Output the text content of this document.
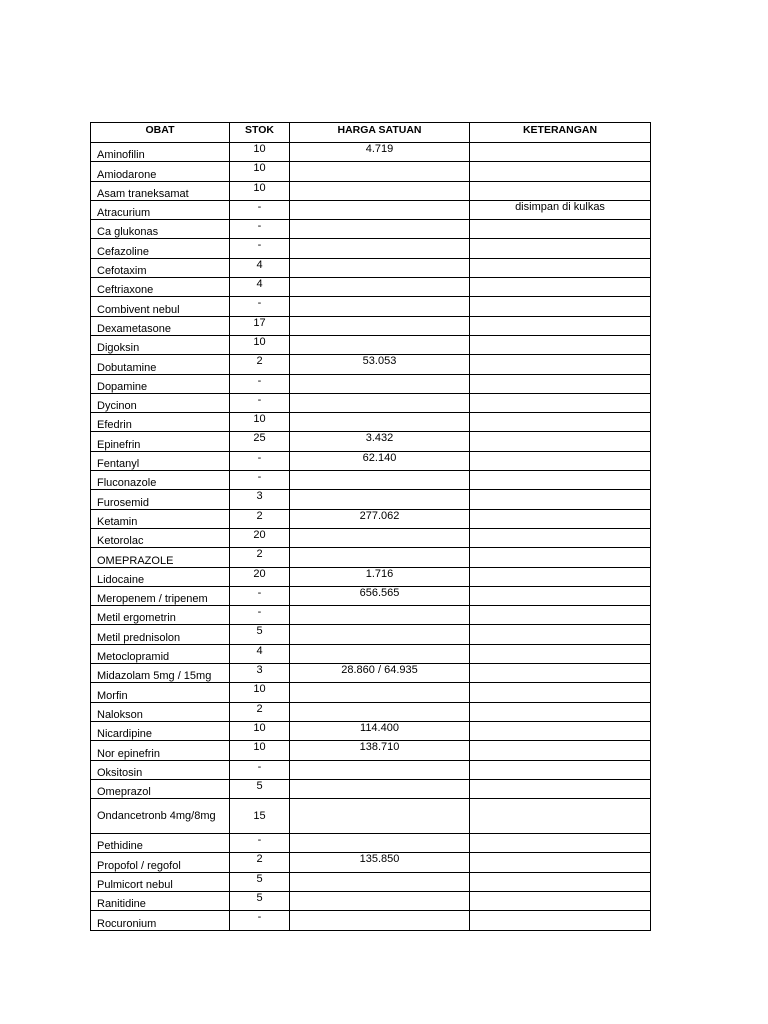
OBAT	STOK	HARGA SATUAN	KETERANGAN
Aminofilin	10	4.719	
Amiodarone	10		
Asam traneksamat	10		
Atracurium	-		disimpan di kulkas
Ca glukonas	-		
Cefazoline	-		
Cefotaxim	4		
Ceftriaxone	4		
Combivent nebul	-		
Dexametasone	17		
Digoksin	10		
Dobutamine	2	53.053	
Dopamine	-		
Dycinon	-		
Efedrin	10		
Epinefrin	25	3.432	
Fentanyl	-	62.140	
Fluconazole	-		
Furosemid	3		
Ketamin	2	277.062	
Ketorolac	20		
OMEPRAZOLE	2		
Lidocaine	20	1.716	
Meropenem / tripenem	-	656.565	
Metil ergometrin	-		
Metil prednisolon	5		
Metoclopramid	4		
Midazolam 5mg / 15mg	3	28.860 / 64.935	
Morfin	10		
Nalokson	2		
Nicardipine	10	114.400	
Nor epinefrin	10	138.710	
Oksitosin	-		
Omeprazol	5		
Ondancetronb 4mg/8mg	15		
Pethidine	-		
Propofol / regofol	2	135.850	
Pulmicort nebul	5		
Ranitidine	5		
Rocuronium	-		
